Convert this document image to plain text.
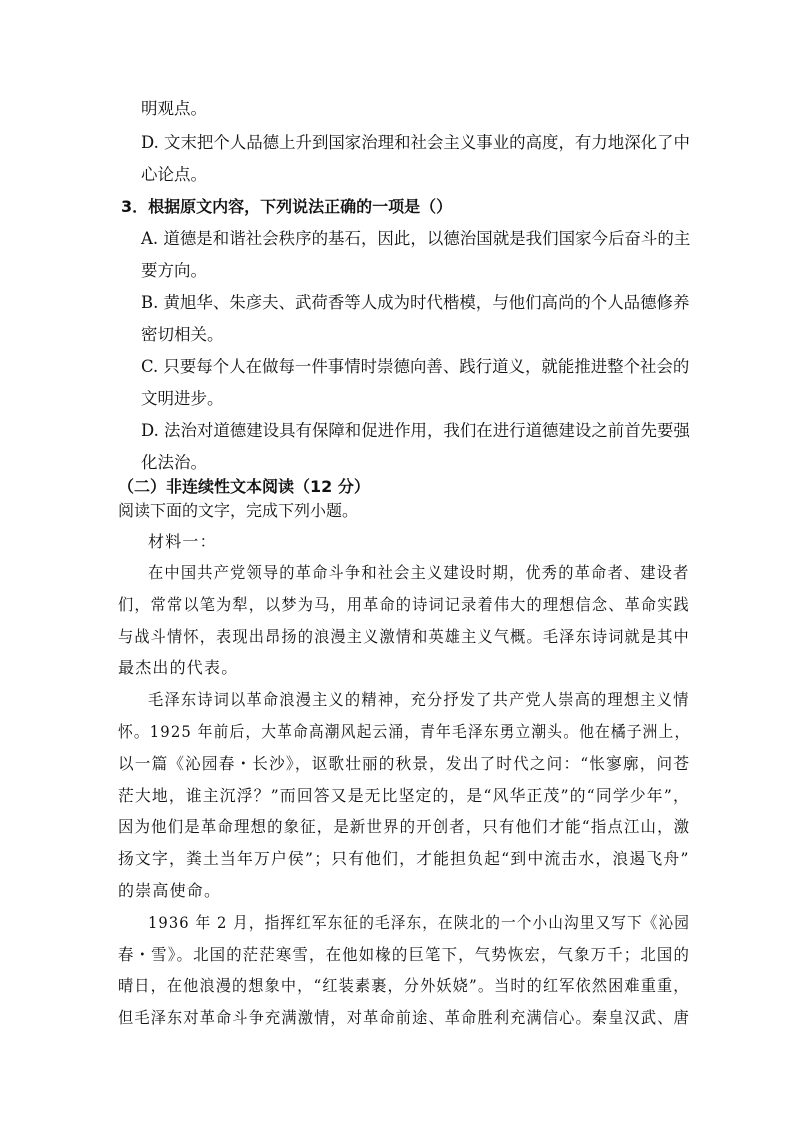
明观点。

D. 文末把个人品德上升到国家治理和社会主义事业的高度，有力地深化了中

心论点。

3．根据原文内容，下列说法正确的一项是（）

A. 道德是和谐社会秩序的基石，因此，以德治国就是我们国家今后奋斗的主

要方向。

B. 黄旭华、朱彦夫、武荷香等人成为时代楷模，与他们高尚的个人品德修养

密切相关。

C. 只要每个人在做每一件事情时崇德向善、践行道义，就能推进整个社会的

文明进步。

D. 法治对道德建设具有保障和促进作用，我们在进行道德建设之前首先要强

化法治。

（二）非连续性文本阅读（12 分）

阅读下面的文字，完成下列小题。

材料一：

在中国共产党领导的革命斗争和社会主义建设时期，优秀的革命者、建设者

们，常常以笔为犁，以梦为马，用革命的诗词记录着伟大的理想信念、革命实践

与战斗情怀，表现出昂扬的浪漫主义激情和英雄主义气概。毛泽东诗词就是其中

最杰出的代表。

毛泽东诗词以革命浪漫主义的精神，充分抒发了共产党人崇高的理想主义情

怀。1925 年前后，大革命高潮风起云涌，青年毛泽东勇立潮头。他在橘子洲上，

以一篇《沁园春・长沙》，讴歌壮丽的秋景，发出了时代之问：“怅寥廓，问苍

茫大地，谁主沉浮？”而回答又是无比坚定的，是“风华正茂”的“同学少年”，

因为他们是革命理想的象征，是新世界的开创者，只有他们才能“指点江山，激

扬文字，粪土当年万户侯”；只有他们，才能担负起“到中流击水，浪遏飞舟”

的崇高使命。

1936 年 2 月，指挥红军东征的毛泽东，在陕北的一个小山沟里又写下《沁园

春・雪》。北国的茫茫寒雪，在他如椽的巨笔下，气势恢宏，气象万千；北国的

晴日，在他浪漫的想象中，“红装素裹，分外妖娆”。当时的红军依然困难重重，

但毛泽东对革命斗争充满激情，对革命前途、革命胜利充满信心。秦皇汉武、唐
